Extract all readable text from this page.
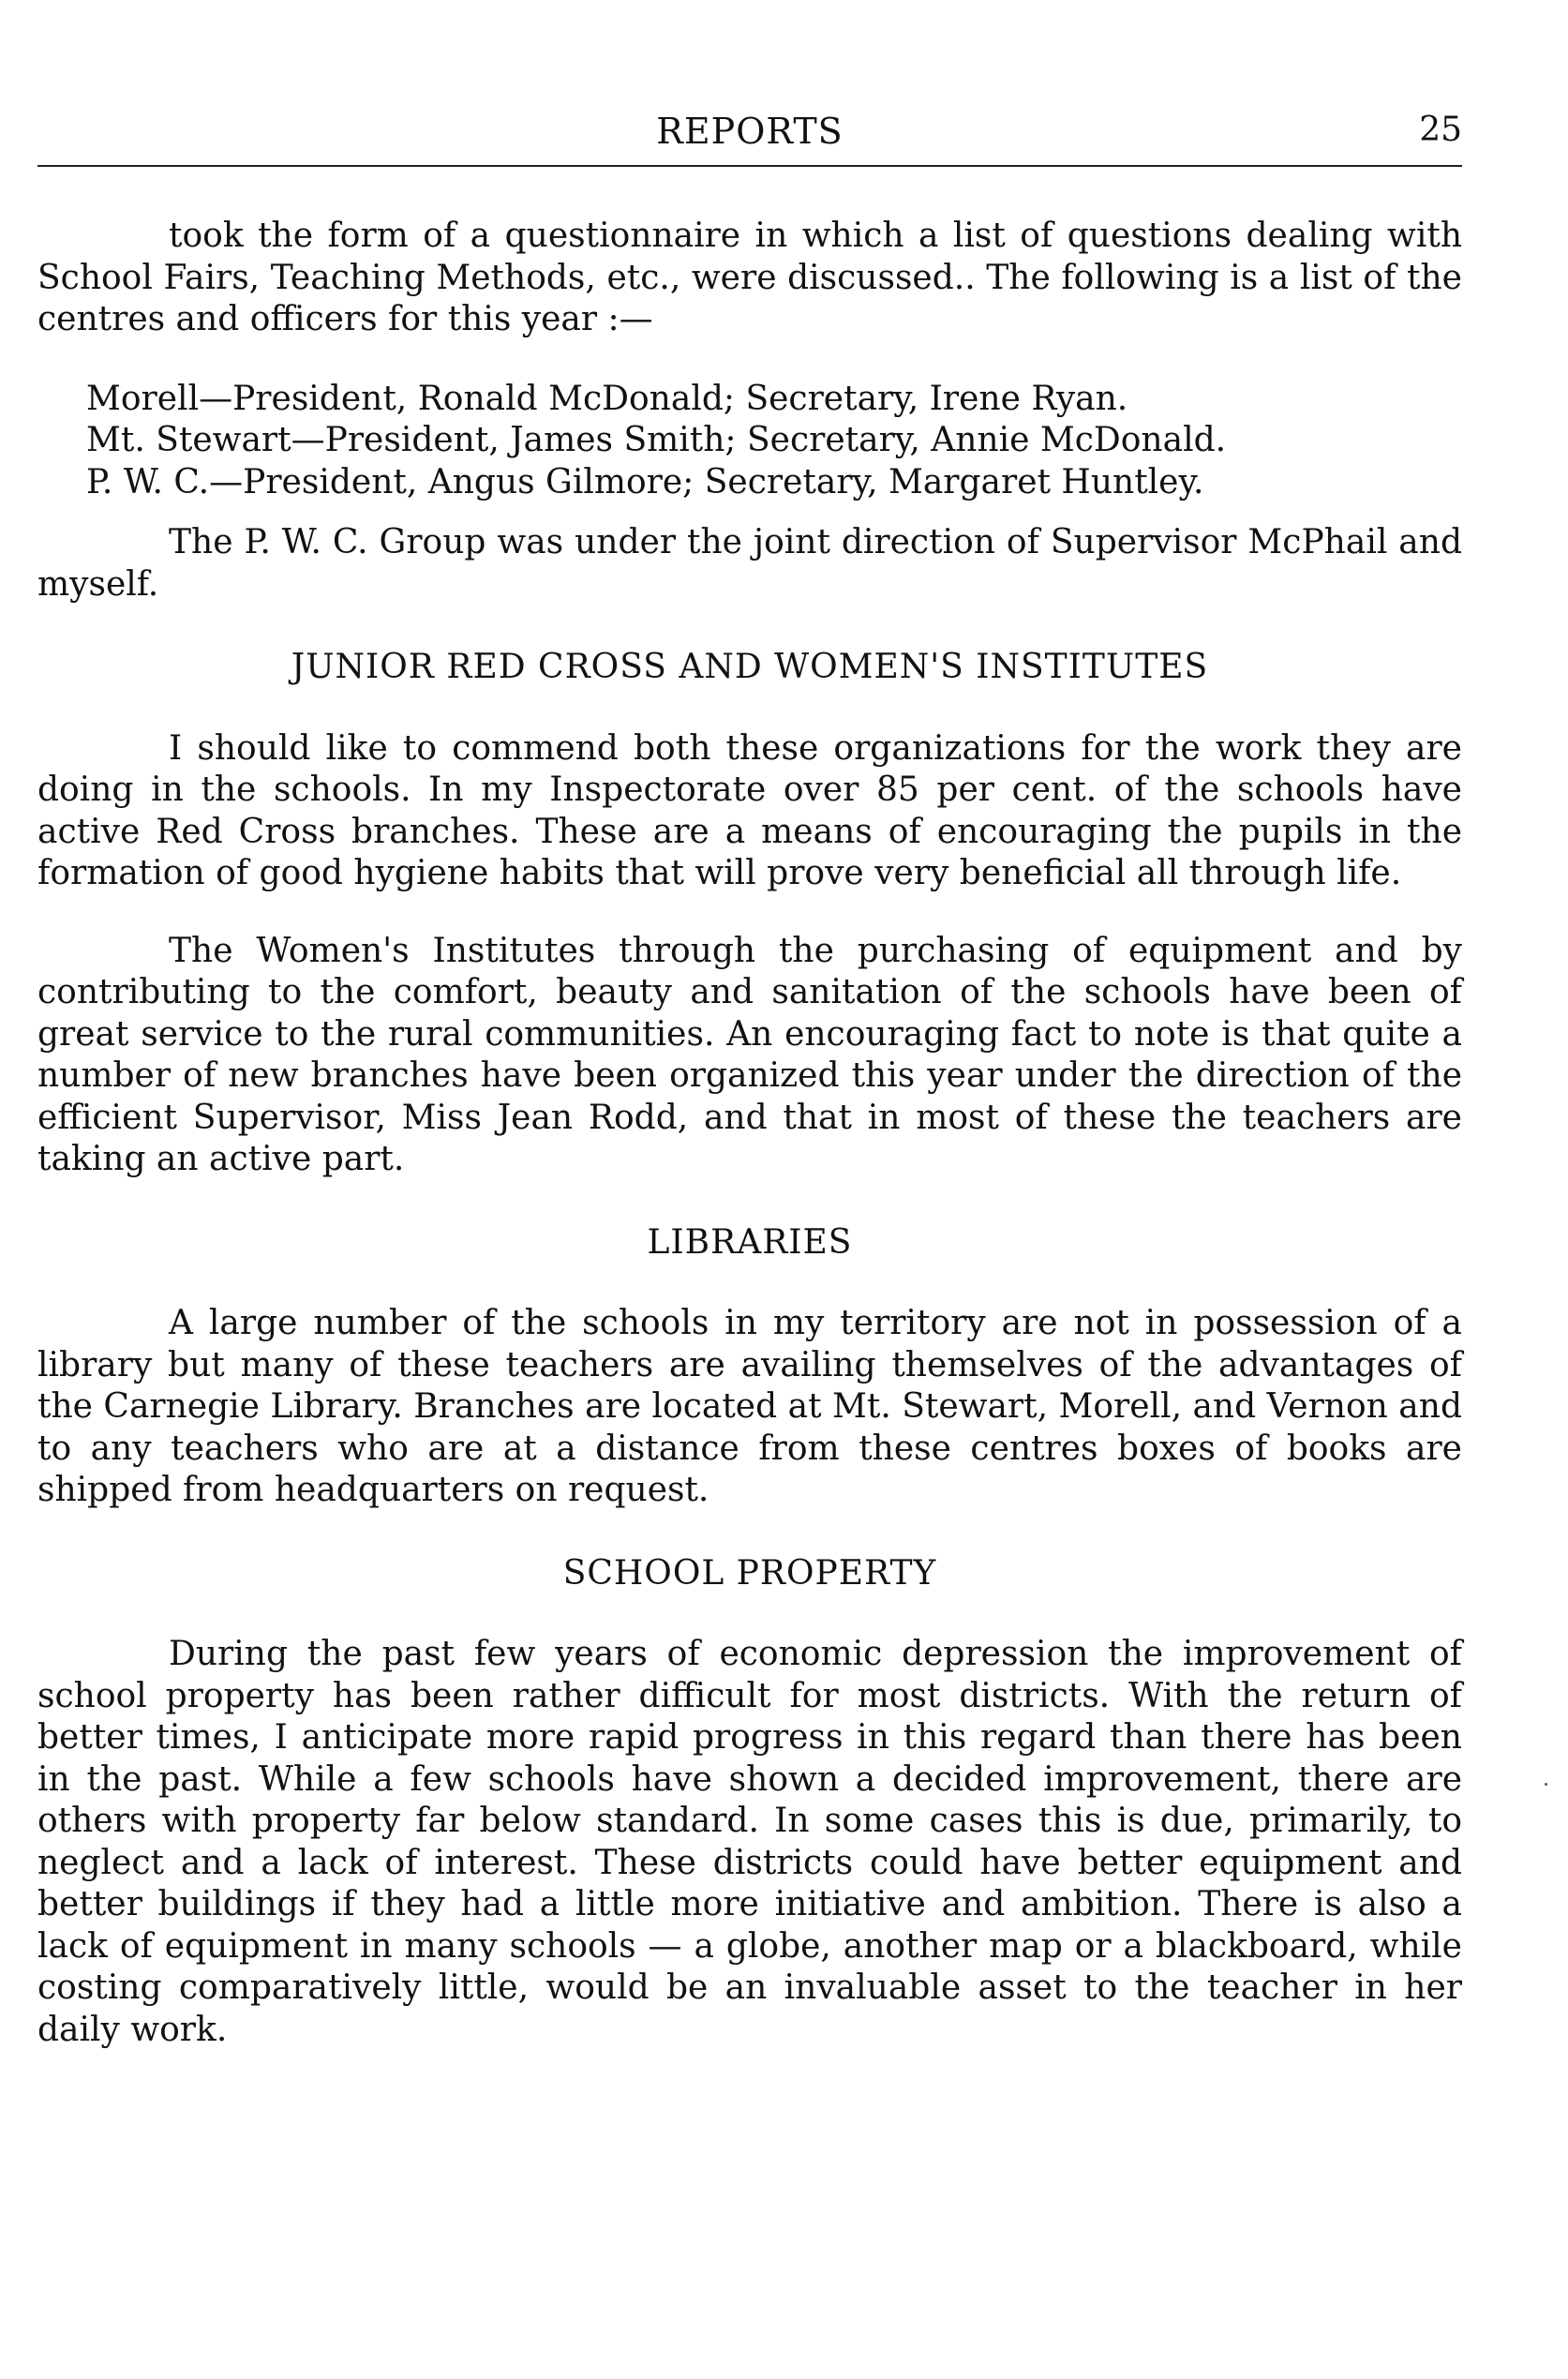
REPORTS	25

took the form of a questionnaire in which a list of questions dealing with School Fairs, Teaching Methods, etc., were discussed.. The following is a list of the centres and officers for this year :—

Morell—President, Ronald McDonald; Secretary, Irene Ryan.

Mt. Stewart—President, James Smith; Secretary, Annie McDonald.

P. W. C.—President, Angus Gilmore; Secretary, Margaret Huntley.

The P. W. C. Group was under the joint direction of Supervisor McPhail and myself.

JUNIOR RED CROSS AND WOMEN'S INSTITUTES

I should like to commend both these organizations for the work they are doing in the schools. In my Inspectorate over 85 per cent. of the schools have active Red Cross branches. These are a means of encouraging the pupils in the formation of good hygiene habits that will prove very beneficial all through life.

The Women's Institutes through the purchasing of equipment and by contributing to the comfort, beauty and sanitation of the schools have been of great service to the rural communities. An encouraging fact to note is that quite a number of new branches have been organized this year under the direction of the efficient Supervisor, Miss Jean Rodd, and that in most of these the teachers are taking an active part.

LIBRARIES

A large number of the schools in my territory are not in possession of a library but many of these teachers are availing themselves of the advantages of the Carnegie Library. Branches are located at Mt. Stewart, Morell, and Vernon and to any teachers who are at a distance from these centres boxes of books are shipped from headquarters on request.

SCHOOL PROPERTY

During the past few years of economic depression the improvement of school property has been rather difficult for most districts. With the return of better times, I anticipate more rapid progress in this regard than there has been in the past. While a few schools have shown a decided improvement, there are others with property far below standard. In some cases this is due, primarily, to neglect and a lack of interest. These districts could have better equipment and better buildings if they had a little more initiative and ambition. There is also a lack of equipment in many schools — a globe, another map or a blackboard, while costing comparatively little, would be an invaluable asset to the teacher in her daily work.
